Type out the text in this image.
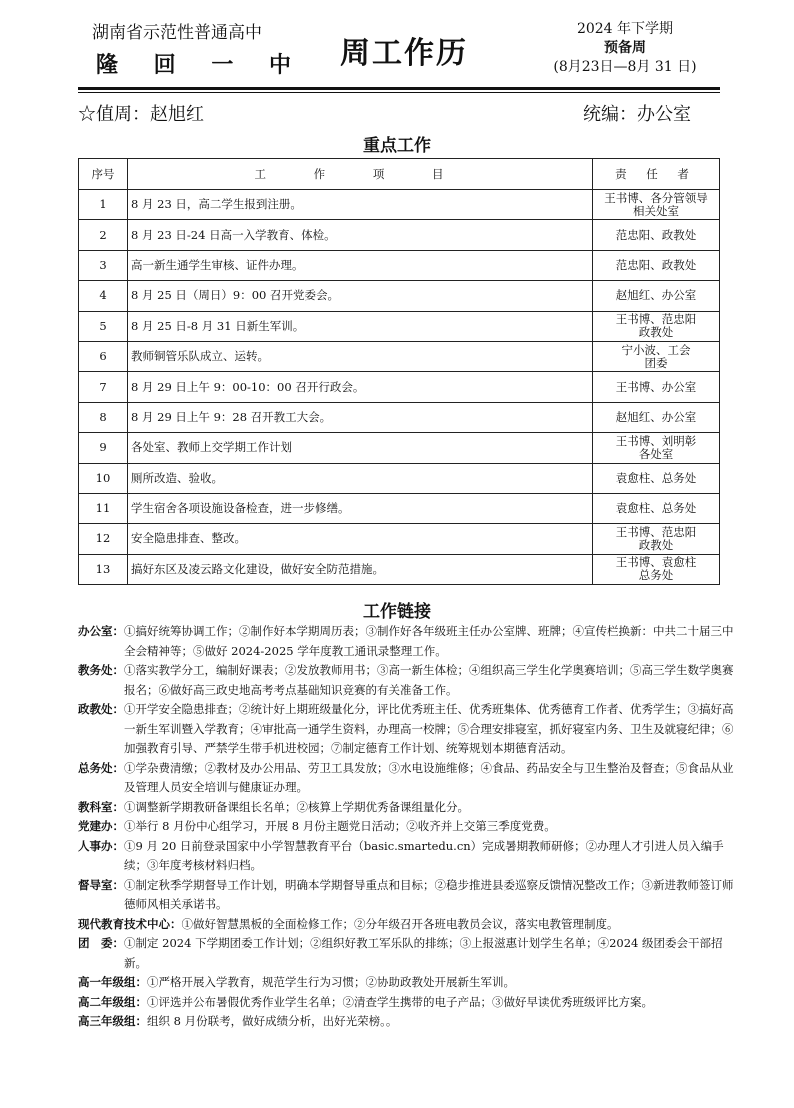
湖南省示范性普通高中
隆 回 一 中 周工作历
2024 年下学期
预备周
(8月23日—8月 31 日)
☆值周：赵旭红	统编：办公室
重点工作
序号	工 作 项 目	责 任 者
1	8 月 23 日，高二学生报到注册。	王书博、各分管领导
相关处室

2	8 月 23 日-24 日高一入学教育、体检。	范忠阳、政教处

3	高一新生通学生审核、证件办理。	范忠阳、政教处

4	8 月 25 日（周日）9：00 召开党委会。	赵旭红、办公室

5	8 月 25 日-8 月 31 日新生军训。	王书博、范忠阳
政教处

6	教师铜管乐队成立、运转。	宁小波、工会
团委

7	8 月 29 日上午 9：00-10：00 召开行政会。	王书博、办公室

8	8 月 29 日上午 9：28 召开教工大会。	赵旭红、办公室

9	各处室、教师上交学期工作计划	王书博、刘明彰
各处室

10	厕所改造、验收。	袁愈柱、总务处

11	学生宿舍各项设施设备检查，进一步修缮。	袁愈柱、总务处

12	安全隐患排查、整改。	王书博、范忠阳
政教处

13	搞好东区及凌云路文化建设，做好安全防范措施。	王书博、袁愈柱
总务处
工作链接
办公室： ①搞好统筹协调工作；②制作好本学期周历表；③制作好各年级班主任办公室牌、班牌；④宣传栏换新：中共二十届三中全会精神等；⑤做好 2024-2025 学年度教工通讯录整理工作。
教务处： ①落实教学分工，编制好课表；②发放教师用书；③高一新生体检；④组织高三学生化学奥赛培训；⑤高三学生数学奥赛报名；⑥做好高三政史地高考考点基础知识竞赛的有关准备工作。
政教处： ①开学安全隐患排查；②统计好上期班级量化分，评比优秀班主任、优秀班集体、优秀德育工作者、优秀学生；③搞好高一新生军训暨入学教育；④审批高一通学生资料，办理高一校牌；⑤合理安排寝室，抓好寝室内务、卫生及就寝纪律；⑥加强教育引导、严禁学生带手机进校园；⑦制定德育工作计划、统筹规划本期德育活动。
总务处： ①学杂费清缴；②教材及办公用品、劳卫工具发放；③水电设施维修；④食品、药品安全与卫生整治及督查；⑤食品从业及管理人员安全培训与健康证办理。
教科室： ①调整新学期教研备课组长名单；②核算上学期优秀备课组量化分。
党建办： ①举行 8 月份中心组学习，开展 8 月份主题党日活动；②收齐并上交第三季度党费。
人事办： ①9 月 20 日前登录国家中小学智慧教育平台（basic.smartedu.cn）完成暑期教师研修；②办理人才引进人员入编手续；③年度考核材料归档。
督导室： ①制定秋季学期督导工作计划，明确本学期督导重点和目标；②稳步推进县委巡察反馈情况整改工作；③新进教师签订师德师风相关承诺书。
现代教育技术中心： ①做好智慧黑板的全面检修工作；②分年级召开各班电教员会议，落实电教管理制度。
团　委： ①制定 2024 下学期团委工作计划；②组织好教工军乐队的排练；③上报滋惠计划学生名单；④2024 级团委会干部招新。
高一年级组： ①严格开展入学教育，规范学生行为习惯；②协助政教处开展新生军训。
高二年级组： ①评选并公布暑假优秀作业学生名单；②清查学生携带的电子产品；③做好早读优秀班级评比方案。
高三年级组： 组织 8 月份联考，做好成绩分析，出好光荣榜。。
